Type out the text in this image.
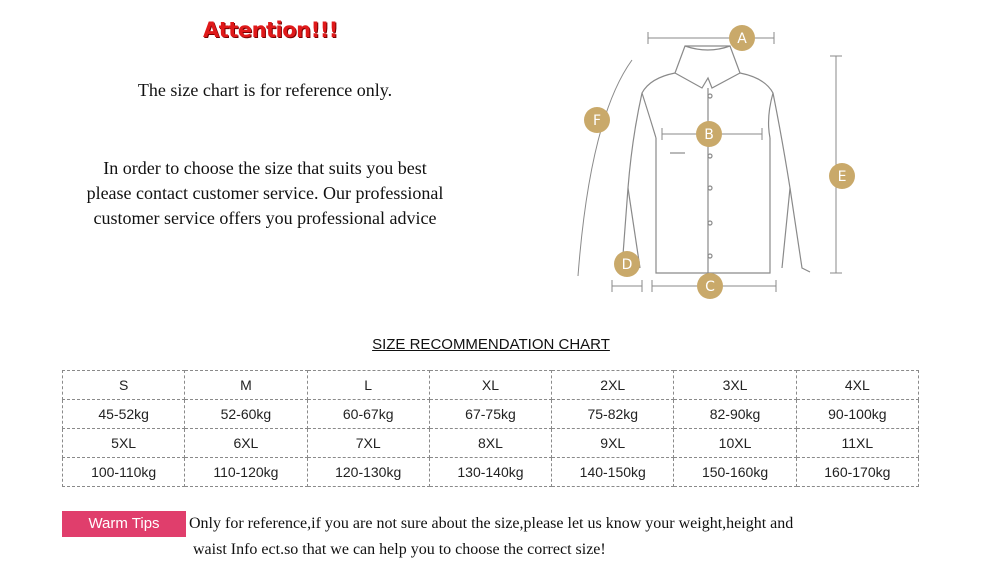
Attention!!!
The size chart is for reference only.
In order to choose the size that suits you best
please contact customer service. Our professional
customer service offers you professional advice
A
B
C
D
E
F
SIZE RECOMMENDATION CHART
S	M	L	XL	2XL	3XL	4XL
45-52kg	52-60kg	60-67kg	67-75kg	75-82kg	82-90kg	90-100kg
5XL	6XL	7XL	8XL	9XL	10XL	11XL
100-110kg	110-120kg	120-130kg	130-140kg	140-150kg	150-160kg	160-170kg
Warm Tips	Only for reference,if you are not sure about the size,please let us know your weight,height and
waist Info ect.so that we can help you to choose the correct size!
